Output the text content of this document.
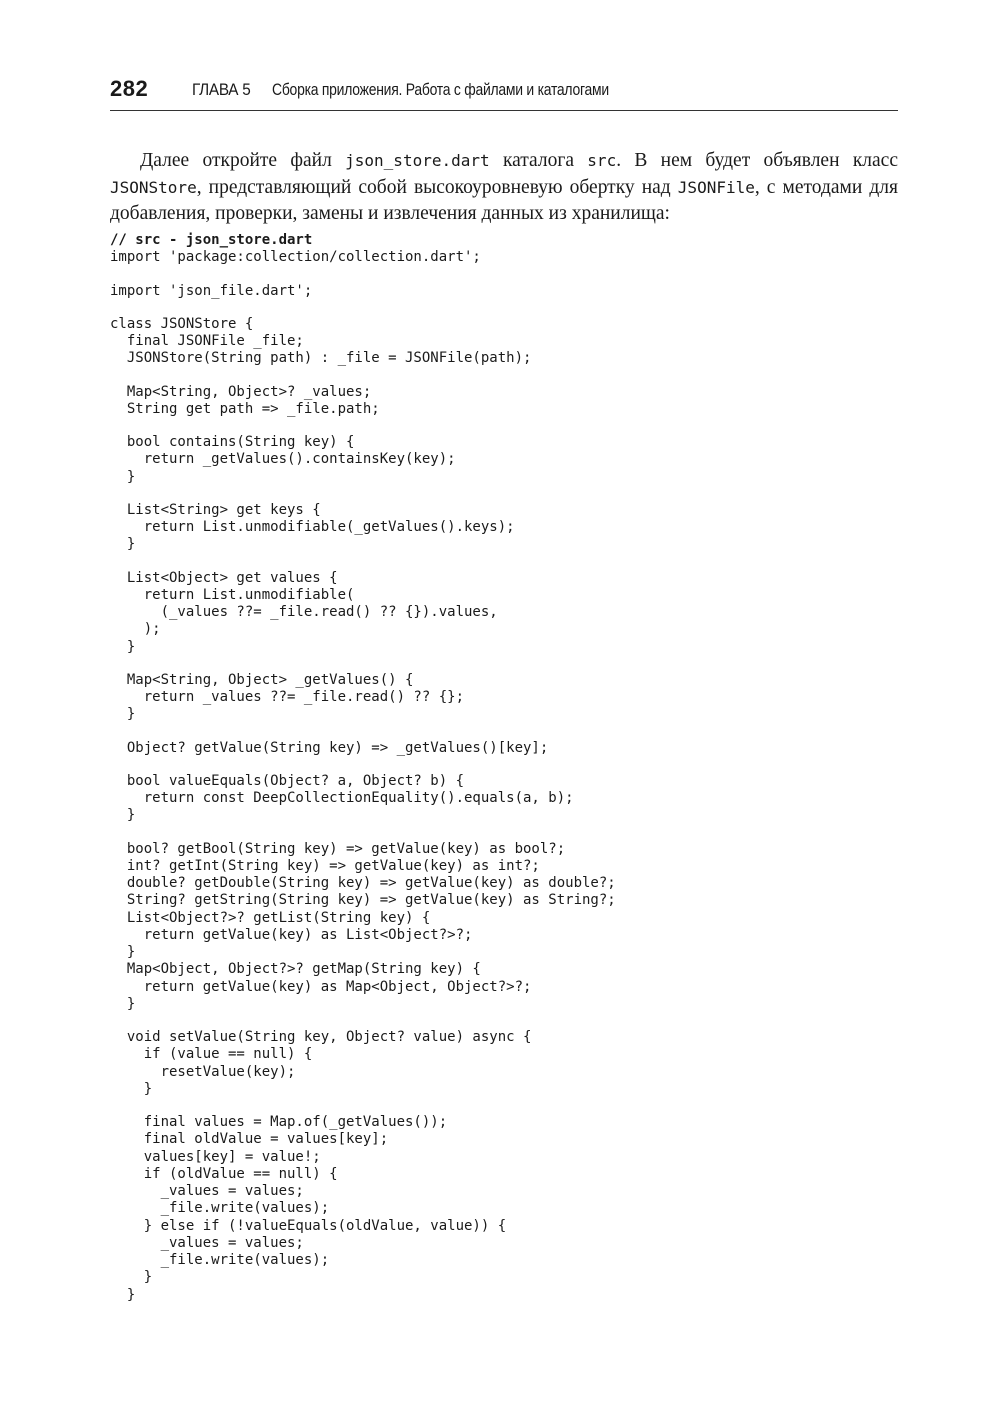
282	ГЛАВА 5 Сборка приложения. Работа с файлами и каталогами

Далее откройте файл json_store.dart каталога src. В нем будет объявлен класс JSONStore, представляющий собой высокоуровневую обертку над JSONFile, с методами для добавления, проверки, замены и извлечения данных из хранилища:

// src - json_store.dart
import 'package:collection/collection.dart';
import 'json_file.dart';
class JSONStore {
final JSONFile _file;
JSONStore(String path) : _file = JSONFile(path);
Map<String, Object>? _values;
String get path => _file.path;
bool contains(String key) {
return _getValues().containsKey(key);
}
List<String> get keys {
return List.unmodifiable(_getValues().keys);
}
List<Object> get values {
return List.unmodifiable(
(_values ??= _file.read() ?? {}).values,
);
}
Map<String, Object> _getValues() {
return _values ??= _file.read() ?? {};
}
Object? getValue(String key) => _getValues()[key];
bool valueEquals(Object? a, Object? b) {
return const DeepCollectionEquality().equals(a, b);
}
bool? getBool(String key) => getValue(key) as bool?;
int? getInt(String key) => getValue(key) as int?;
double? getDouble(String key) => getValue(key) as double?;
String? getString(String key) => getValue(key) as String?;
List<Object?>? getList(String key) {
return getValue(key) as List<Object?>?;
}
Map<Object, Object?>? getMap(String key) {
return getValue(key) as Map<Object, Object?>?;
}
void setValue(String key, Object? value) async {
if (value == null) {
resetValue(key);
}
final values = Map.of(_getValues());
final oldValue = values[key];
values[key] = value!;
if (oldValue == null) {
_values = values;
_file.write(values);
} else if (!valueEquals(oldValue, value)) {
_values = values;
_file.write(values);
}
}
